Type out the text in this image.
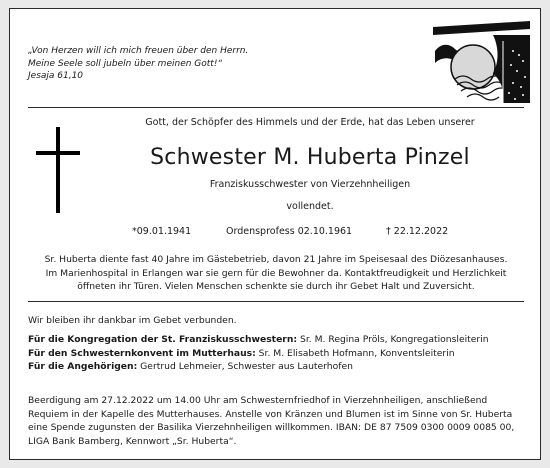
„Von Herzen will ich mich freuen über den Herrn.
Meine Seele soll jubeln über meinen Gott!“
Jesaja 61,10
Gott, der Schöpfer des Himmels und der Erde, hat das Leben unserer
Schwester M. Huberta Pinzel
Franziskusschwester von Vierzehnheiligen
vollendet.
*09.01.1941	Ordensprofess 02.10.1961	† 22.12.2022
Sr. Huberta diente fast 40 Jahre im Gästebetrieb, davon 21 Jahre im Speisesaal des Diözesanhauses.
Im Marienhospital in Erlangen war sie gern für die Bewohner da. Kontaktfreudigkeit und Herzlichkeit
öffneten ihr Türen. Vielen Menschen schenkte sie durch ihr Gebet Halt und Zuversicht.
Wir bleiben ihr dankbar im Gebet verbunden.
Für die Kongregation der St. Franziskusschwestern: Sr. M. Regina Pröls, Kongregationsleiterin
Für den Schwesternkonvent im Mutterhaus: Sr. M. Elisabeth Hofmann, Konventsleiterin
Für die Angehörigen: Gertrud Lehmeier, Schwester aus Lauterhofen
Beerdigung am 27.12.2022 um 14.00 Uhr am Schwesternfriedhof in Vierzehnheiligen, anschließend
Requiem in der Kapelle des Mutterhauses. Anstelle von Kränzen und Blumen ist im Sinne von Sr. Huberta
eine Spende zugunsten der Basilika Vierzehnheiligen willkommen. IBAN: DE 87 7509 0300 0009 0085 00,
LIGA Bank Bamberg, Kennwort „Sr. Huberta“.
